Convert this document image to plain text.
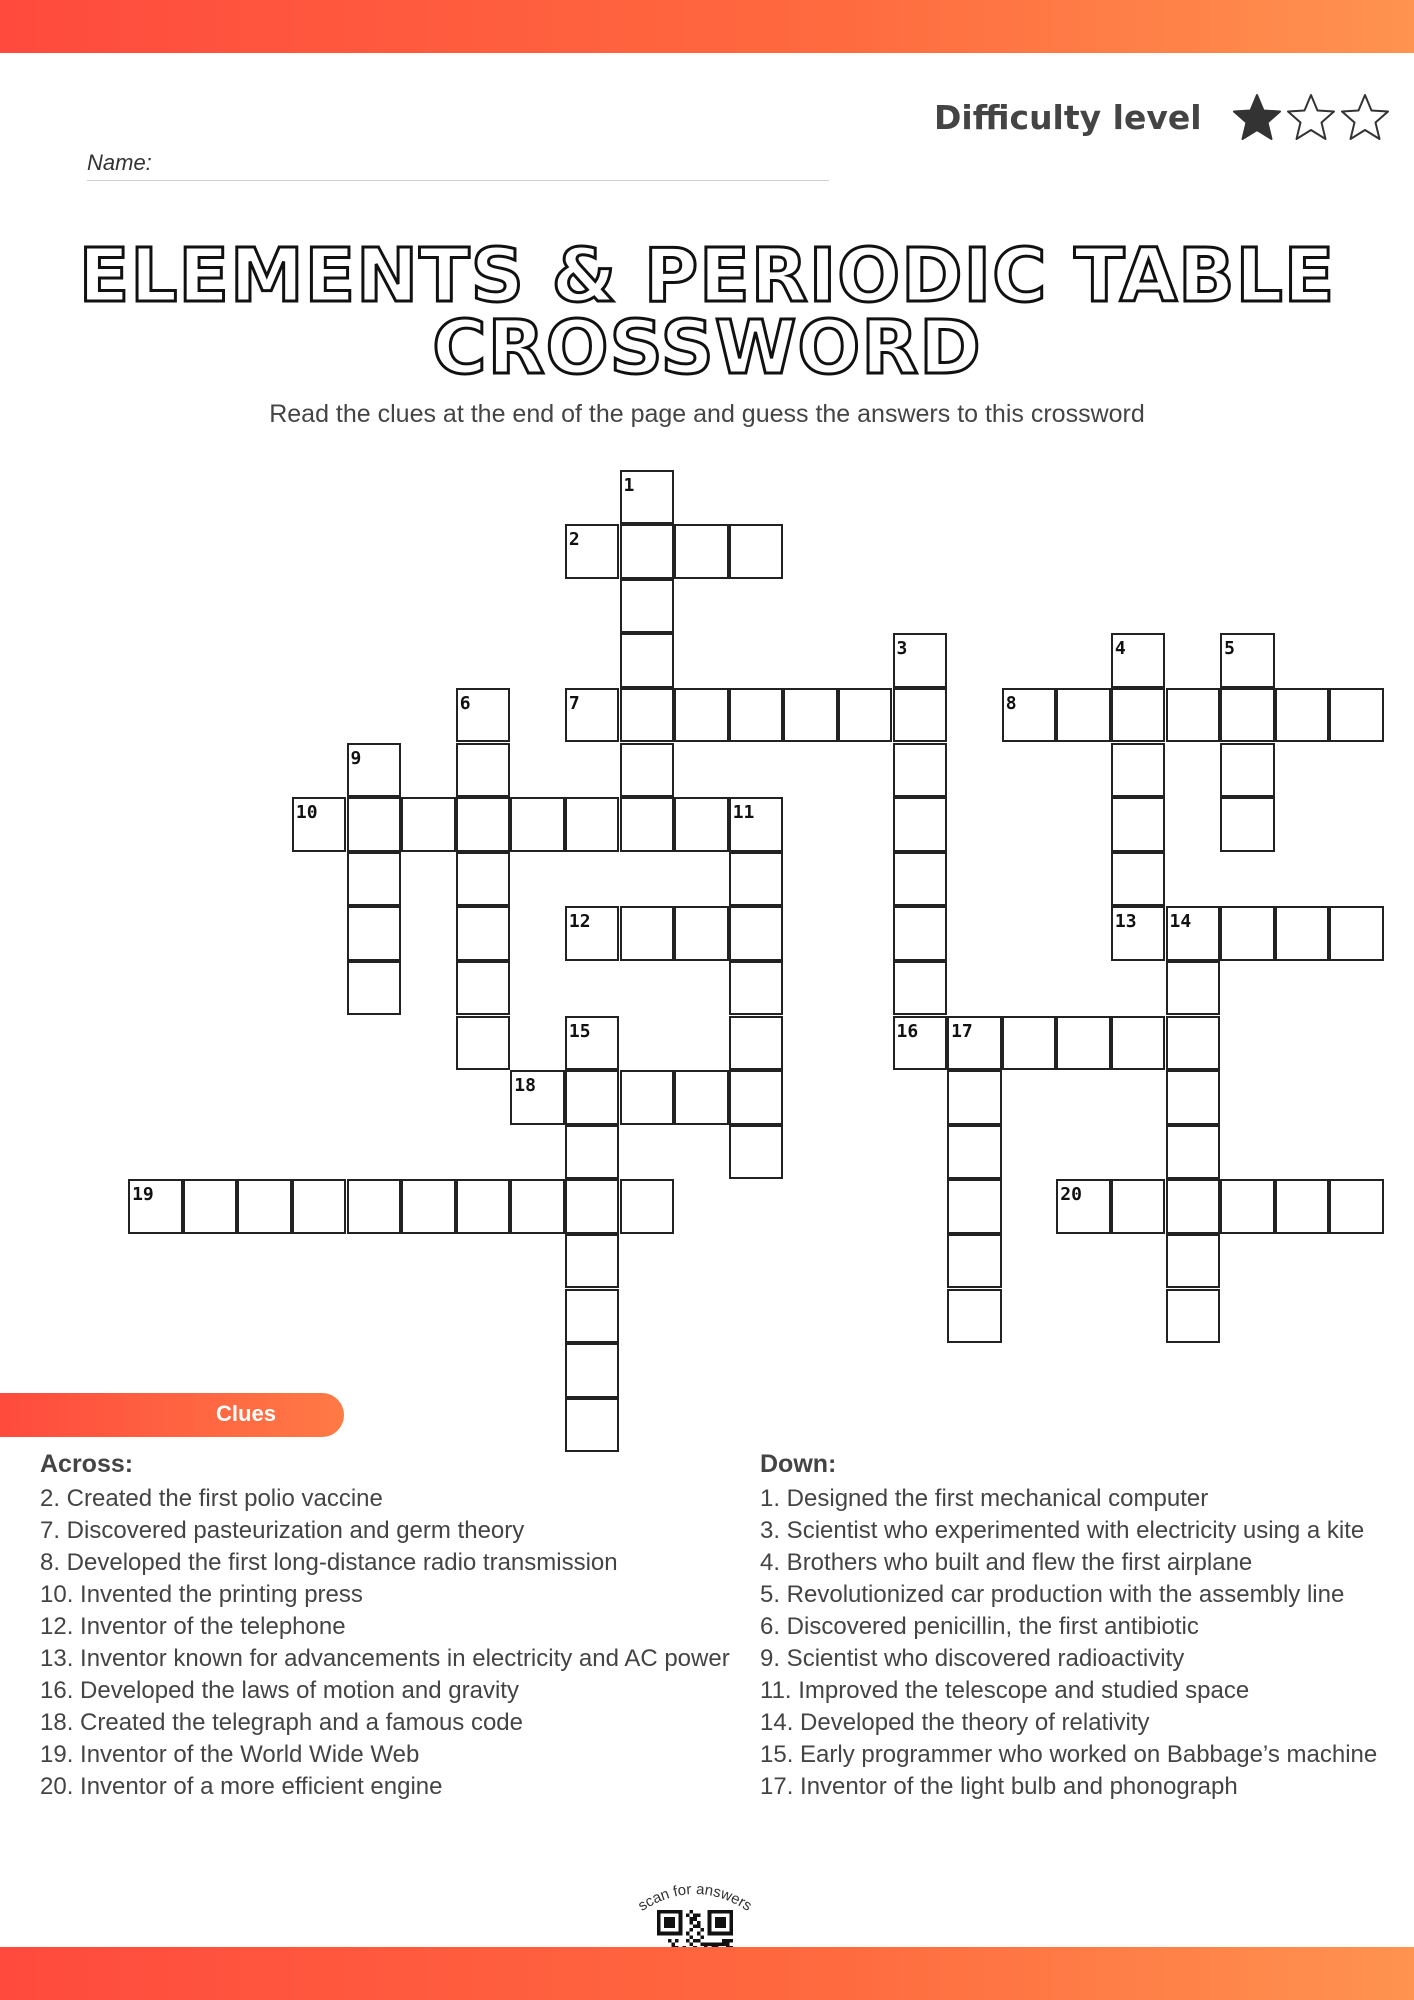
Difficulty level
Name:
ELEMENTS & PERIODIC TABLE
CROSSWORD
Read the clues at the end of the page and guess the answers to this crossword
2
7	8
10
12	13
16
18
19	20
1
3	4	5
6
9
11
14
15	17
Clues
Across:
2. Created the first polio vaccine
7. Discovered pasteurization and germ theory
8. Developed the first long-distance radio transmission
10. Invented the printing press
12. Inventor of the telephone
13. Inventor known for advancements in electricity and AC power
16. Developed the laws of motion and gravity
18. Created the telegraph and a famous code
19. Inventor of the World Wide Web
20. Inventor of a more efficient engine
Down:
1. Designed the first mechanical computer
3. Scientist who experimented with electricity using a kite
4. Brothers who built and flew the first airplane
5. Revolutionized car production with the assembly line
6. Discovered penicillin, the first antibiotic
9. Scientist who discovered radioactivity
11. Improved the telescope and studied space
14. Developed the theory of relativity
15. Early programmer who worked on Babbage’s machine
17. Inventor of the light bulb and phonograph
scan for answers
